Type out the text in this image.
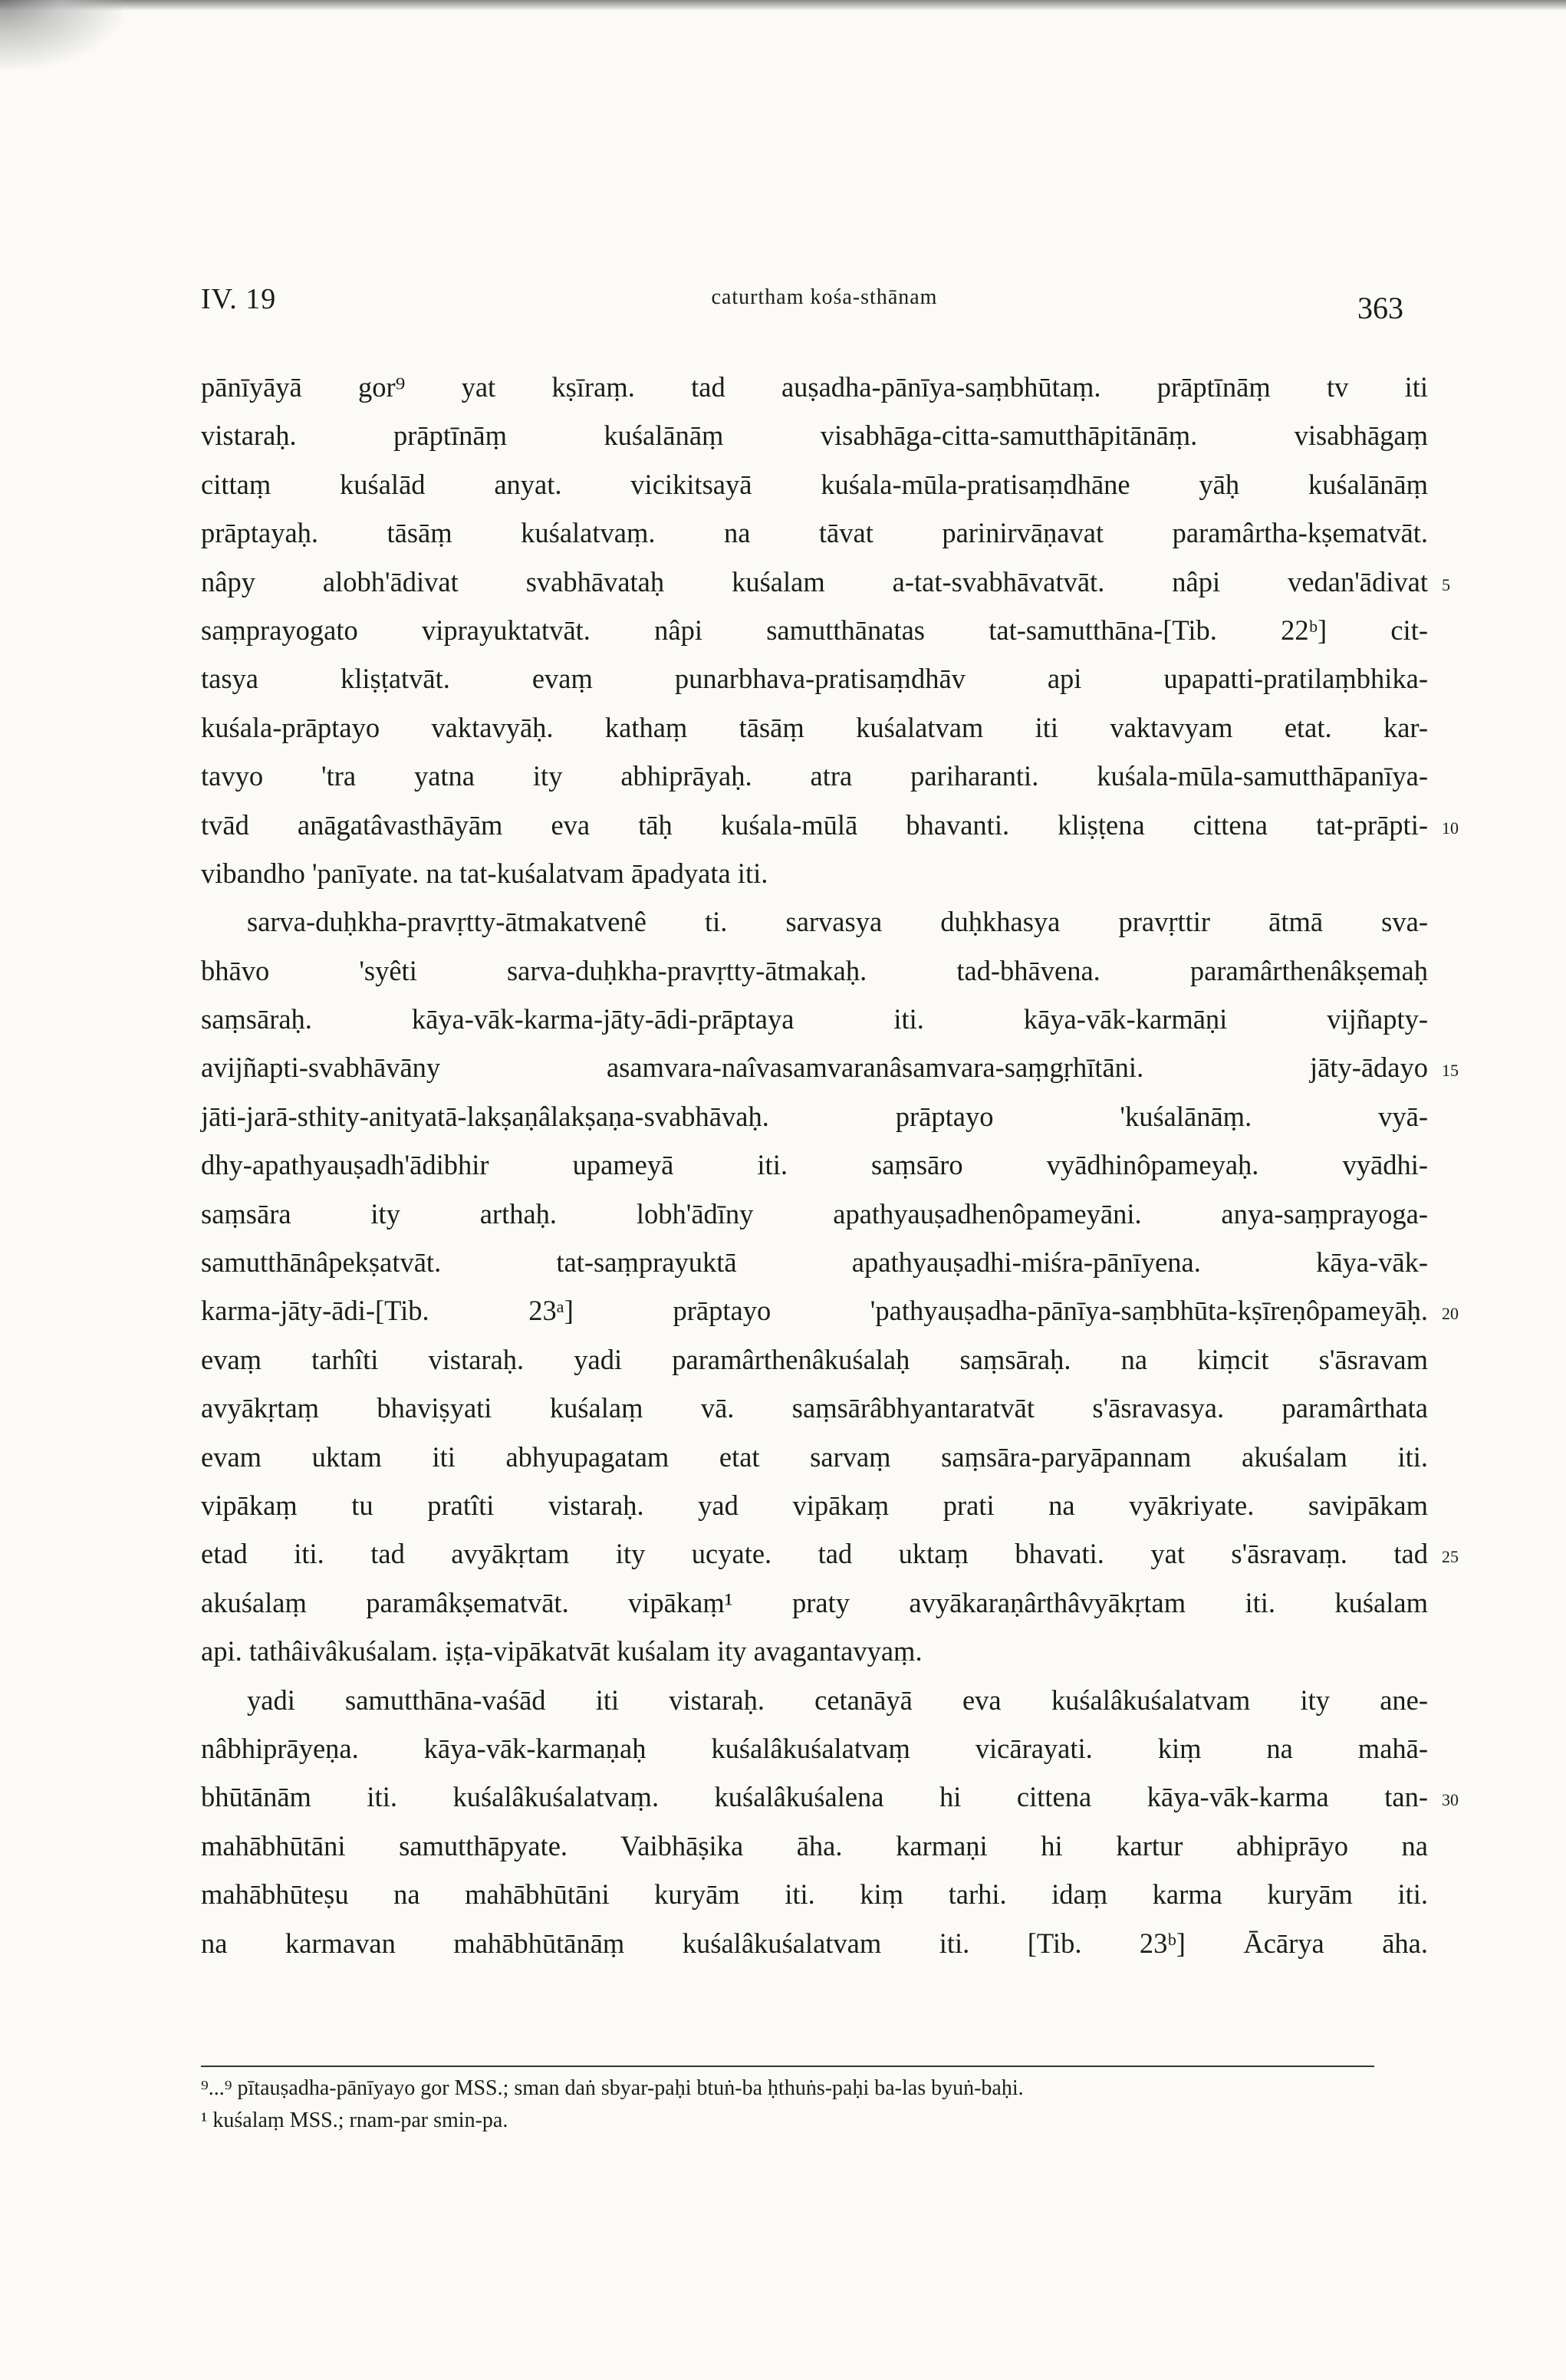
IV. 19	caturtham kośa-sthānam	363
pānīyāyā gor⁹ yat kṣīraṃ. tad auṣadha-pānīya-saṃbhūtaṃ. prāptīnāṃ tv iti
vistaraḥ. prāptīnāṃ kuśalānāṃ visabhāga-citta-samutthāpitānāṃ. visabhāgaṃ
cittaṃ kuśalād anyat. vicikitsayā kuśala-mūla-pratisaṃdhāne yāḥ kuśalānāṃ
prāptayaḥ. tāsāṃ kuśalatvaṃ. na tāvat parinirvāṇavat paramârtha-kṣematvāt.
nâpy alobh'ādivat svabhāvataḥ kuśalam a-tat-svabhāvatvāt. nâpi vedan'ādivat 5
saṃprayogato viprayuktatvāt. nâpi samutthānatas tat-samutthāna-[Tib. 22ᵇ] cit-
tasya kliṣṭatvāt. evaṃ punarbhava-pratisaṃdhāv api upapatti-pratilaṃbhika-
kuśala-prāptayo vaktavyāḥ. kathaṃ tāsāṃ kuśalatvam iti vaktavyam etat. kar-
tavyo 'tra yatna ity abhiprāyaḥ. atra pariharanti. kuśala-mūla-samutthāpanīya-
tvād anāgatâvasthāyām eva tāḥ kuśala-mūlā bhavanti. kliṣṭena cittena tat-prāpti- 10
vibandho 'panīyate. na tat-kuśalatvam āpadyata iti.
sarva-duḥkha-pravṛtty-ātmakatvenê ti. sarvasya duḥkhasya pravṛttir ātmā sva-
bhāvo 'syêti sarva-duḥkha-pravṛtty-ātmakaḥ. tad-bhāvena. paramârthenâkṣemaḥ
saṃsāraḥ. kāya-vāk-karma-jāty-ādi-prāptaya iti. kāya-vāk-karmāṇi vijñapty-
avijñapti-svabhāvāny asamvara-naîvasamvaranâsamvara-saṃgṛhītāni. jāty-ādayo 15
jāti-jarā-sthity-anityatā-lakṣaṇâlakṣaṇa-svabhāvaḥ. prāptayo 'kuśalānāṃ. vyā-
dhy-apathyauṣadh'ādibhir upameyā iti. saṃsāro vyādhinôpameyaḥ. vyādhi-
saṃsāra ity arthaḥ. lobh'ādīny apathyauṣadhenôpameyāni. anya-saṃprayoga-
samutthānâpekṣatvāt. tat-saṃprayuktā apathyauṣadhi-miśra-pānīyena. kāya-vāk-
karma-jāty-ādi-[Tib. 23ᵃ] prāptayo 'pathyauṣadha-pānīya-saṃbhūta-kṣīreṇôpameyāḥ. 20
evaṃ tarhîti vistaraḥ. yadi paramârthenâkuśalaḥ saṃsāraḥ. na kiṃcit s'āsravam
avyākṛtaṃ bhaviṣyati kuśalaṃ vā. saṃsārâbhyantaratvāt s'āsravasya. paramârthata
evam uktam iti abhyupagatam etat sarvaṃ saṃsāra-paryāpannam akuśalam iti.
vipākaṃ tu pratîti vistaraḥ. yad vipākaṃ prati na vyākriyate. savipākam
etad iti. tad avyākṛtam ity ucyate. tad uktaṃ bhavati. yat s'āsravaṃ. tad 25
akuśalaṃ paramâkṣematvāt. vipākaṃ¹ praty avyākaraṇârthâvyākṛtam iti. kuśalam
api. tathâivâkuśalam. iṣṭa-vipākatvāt kuśalam ity avagantavyaṃ.
yadi samutthāna-vaśād iti vistaraḥ. cetanāyā eva kuśalâkuśalatvam ity ane-
nâbhiprāyeṇa. kāya-vāk-karmaṇaḥ kuśalâkuśalatvaṃ vicārayati. kiṃ na mahā-
bhūtānām iti. kuśalâkuśalatvaṃ. kuśalâkuśalena hi cittena kāya-vāk-karma tan- 30
mahābhūtāni samutthāpyate. Vaibhāṣika āha. karmaṇi hi kartur abhiprāyo na
mahābhūteṣu na mahābhūtāni kuryām iti. kiṃ tarhi. idaṃ karma kuryām iti.
na karmavan mahābhūtānāṃ kuśalâkuśalatvam iti. [Tib. 23ᵇ] Ācārya āha.
⁹...⁹ pītauṣadha-pānīyayo gor MSS.; sman daṅ sbyar-paḥi btuṅ-ba ḥthuṅs-paḥi ba-las byuṅ-baḥi.
¹ kuśalaṃ MSS.; rnam-par smin-pa.
